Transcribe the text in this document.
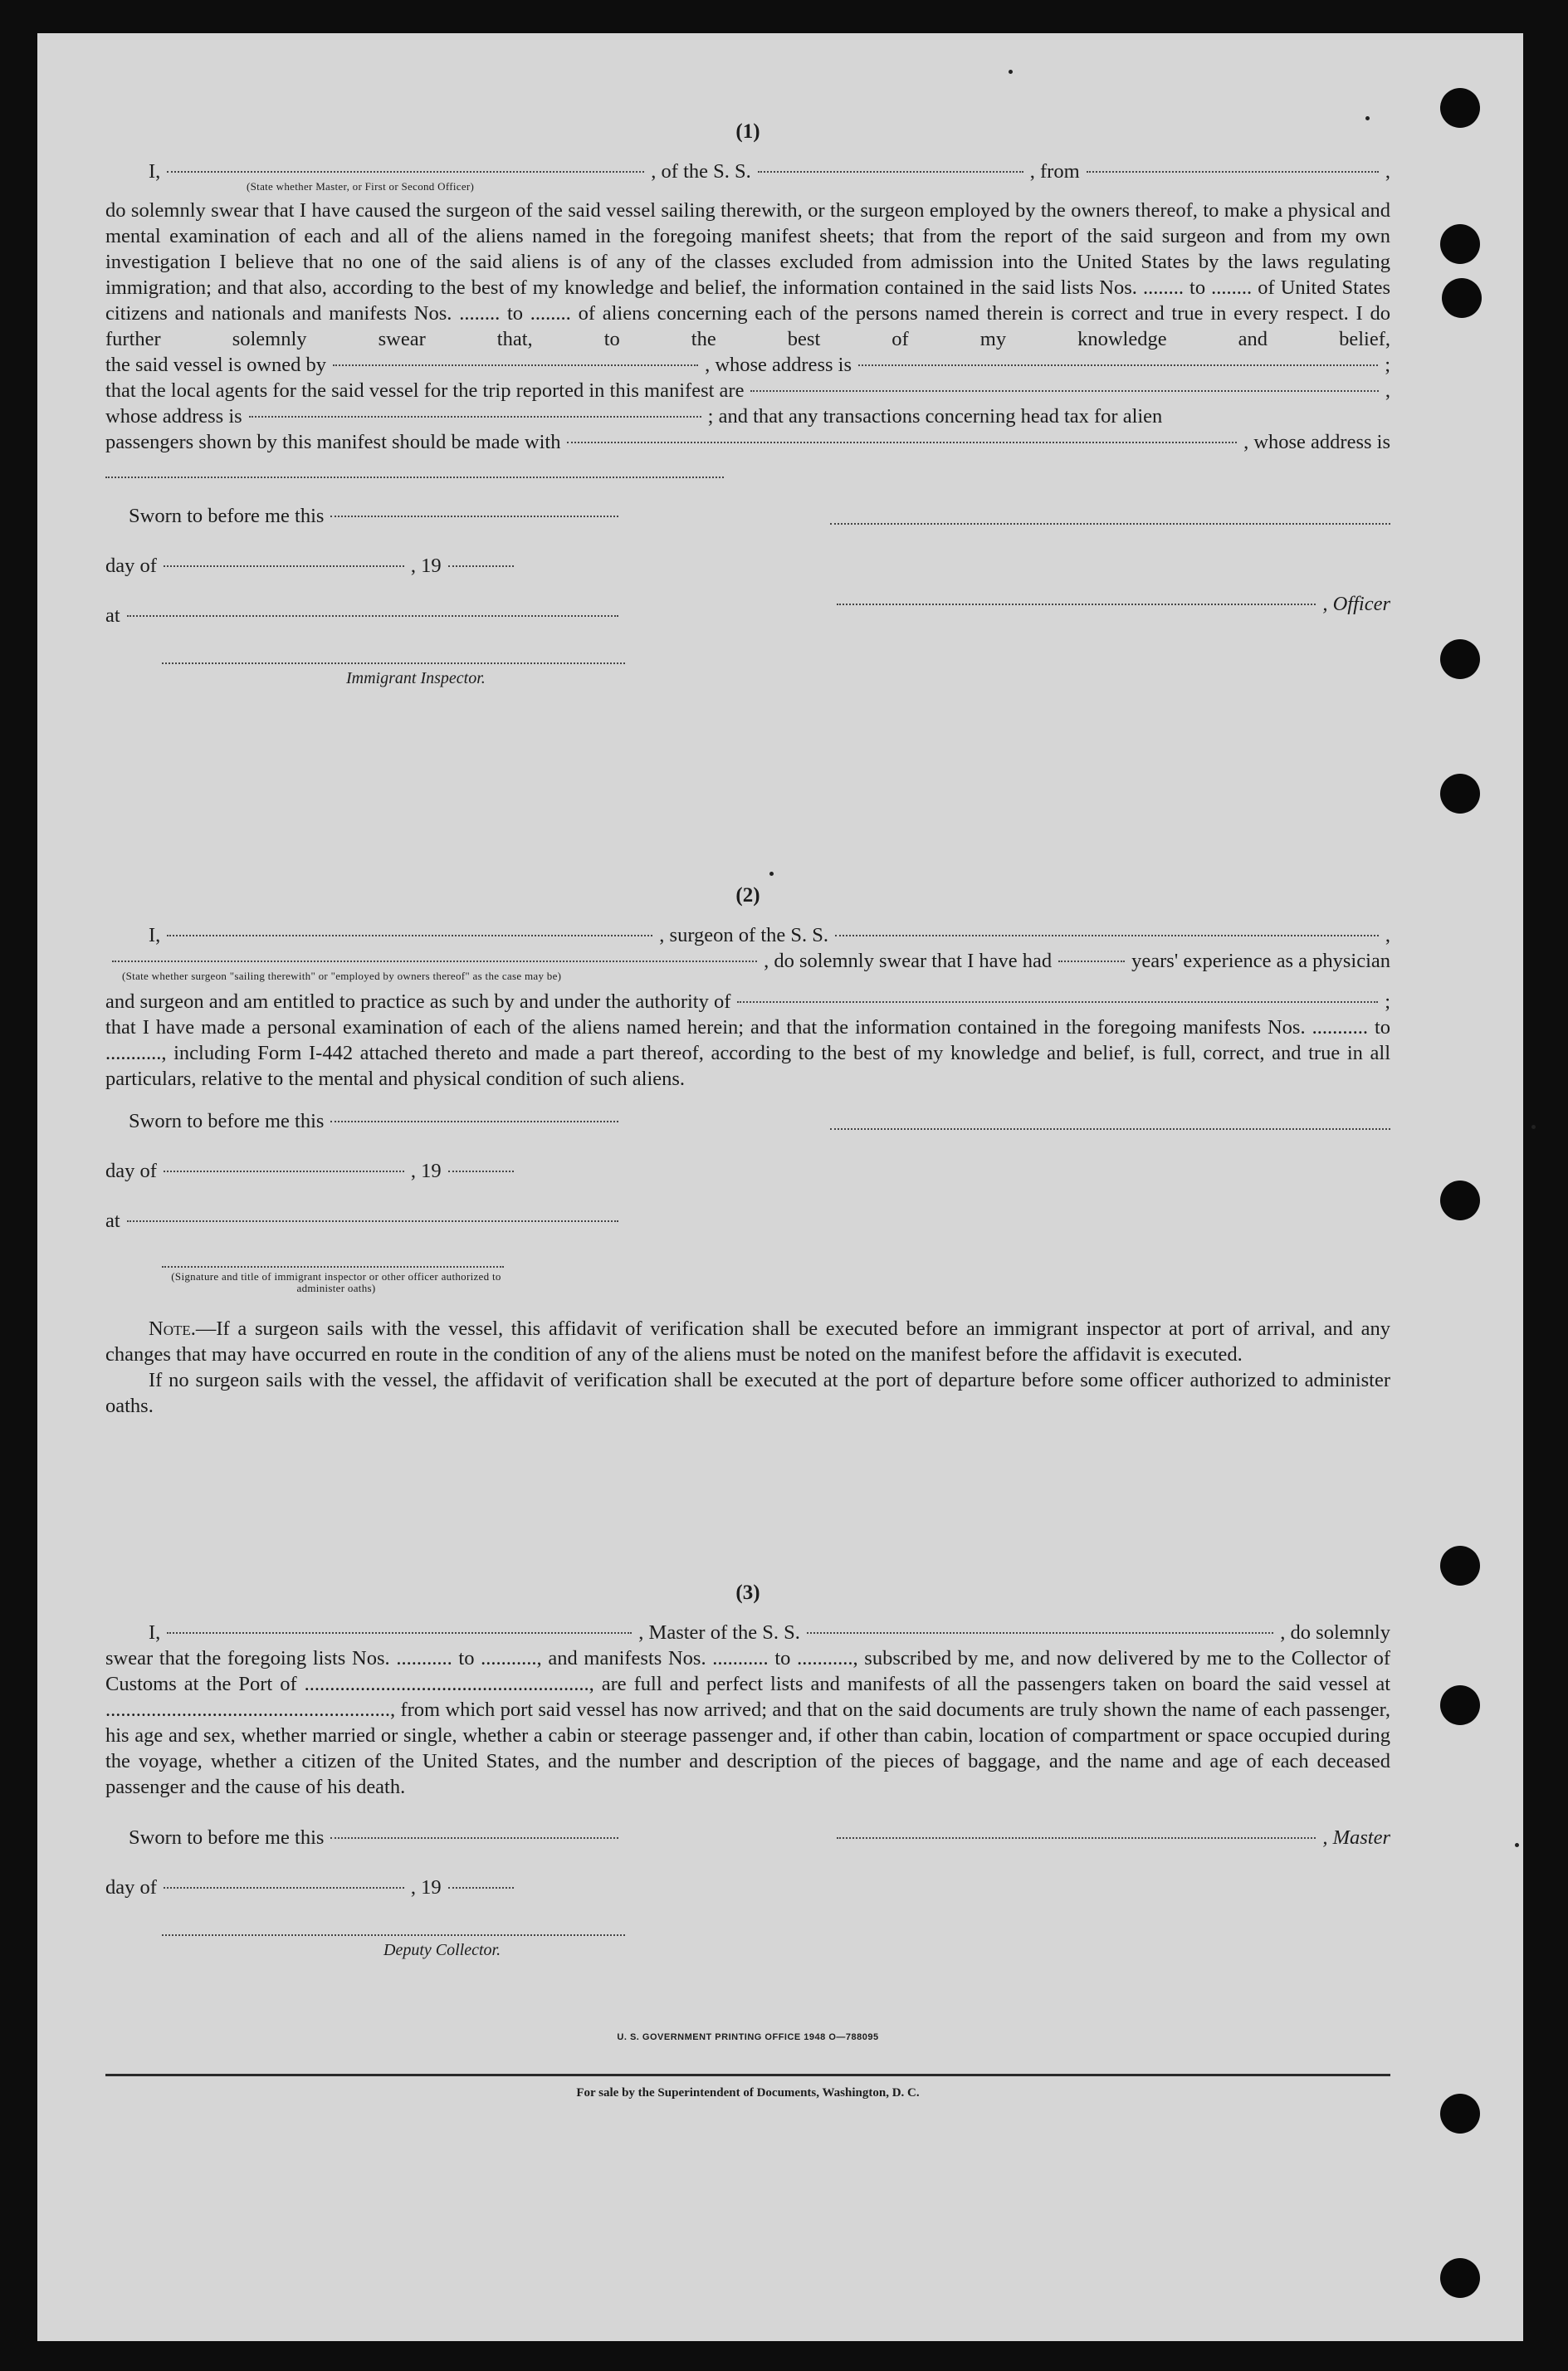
(1)
I,	, of the S. S.	, from	,
(State whether Master, or First or Second Officer)
do solemnly swear that I have caused the surgeon of the said vessel sailing therewith, or the surgeon employed by the owners thereof, to make a physical and mental examination of each and all of the aliens named in the foregoing manifest sheets; that from the report of the said surgeon and from my own investigation I believe that no one of the said aliens is of any of the classes excluded from admission into the United States by the laws regulating immigration; and that also, according to the best of my knowledge and belief, the information contained in the said lists Nos. ........ to ........ of United States citizens and nationals and manifests Nos. ........ to ........ of aliens concerning each of the persons named therein is correct and true in every respect. I do further solemnly swear that, to the best of my knowledge and belief,
the said vessel is owned by	, whose address is	;
that the local agents for the said vessel for the trip reported in this manifest are	,
whose address is	; and that any transactions concerning head tax for alien
passengers shown by this manifest should be made with	, whose address is
Sworn to before me this
day of	, 19
at
, Officer
Immigrant Inspector.
(2)
I,	, surgeon of the S. S.	,
, do solemnly swear that I have had	years' experience as a physician
(State whether surgeon "sailing therewith" or "employed by owners thereof" as the case may be)
and surgeon and am entitled to practice as such by and under the authority of	;
that I have made a personal examination of each of the aliens named herein; and that the information contained in the foregoing manifests Nos. ........... to ..........., including Form I-442 attached thereto and made a part thereof, according to the best of my knowledge and belief, is full, correct, and true in all particulars, relative to the mental and physical condition of such aliens.
Sworn to before me this
day of	, 19
at
(Signature and title of immigrant inspector or other officer authorized to administer oaths)
Note.—If a surgeon sails with the vessel, this affidavit of verification shall be executed before an immigrant inspector at port of arrival, and any changes that may have occurred en route in the condition of any of the aliens must be noted on the manifest before the affidavit is executed.
If no surgeon sails with the vessel, the affidavit of verification shall be executed at the port of departure before some officer authorized to administer oaths.
(3)
I,	, Master of the S. S.	, do solemnly
swear that the foregoing lists Nos. ........... to ..........., and manifests Nos. ........... to ..........., subscribed by me, and now delivered by me to the Collector of Customs at the Port of ........................................................, are full and perfect lists and manifests of all the passengers taken on board the said vessel at ........................................................, from which port said vessel has now arrived; and that on the said documents are truly shown the name of each passenger, his age and sex, whether married or single, whether a cabin or steerage passenger and, if other than cabin, location of compartment or space occupied during the voyage, whether a citizen of the United States, and the number and description of the pieces of baggage, and the name and age of each deceased passenger and the cause of his death.
Sworn to before me this	, Master
day of	, 19
Deputy Collector.
U. S. GOVERNMENT PRINTING OFFICE 1948 O—788095
For sale by the Superintendent of Documents, Washington, D. C.
